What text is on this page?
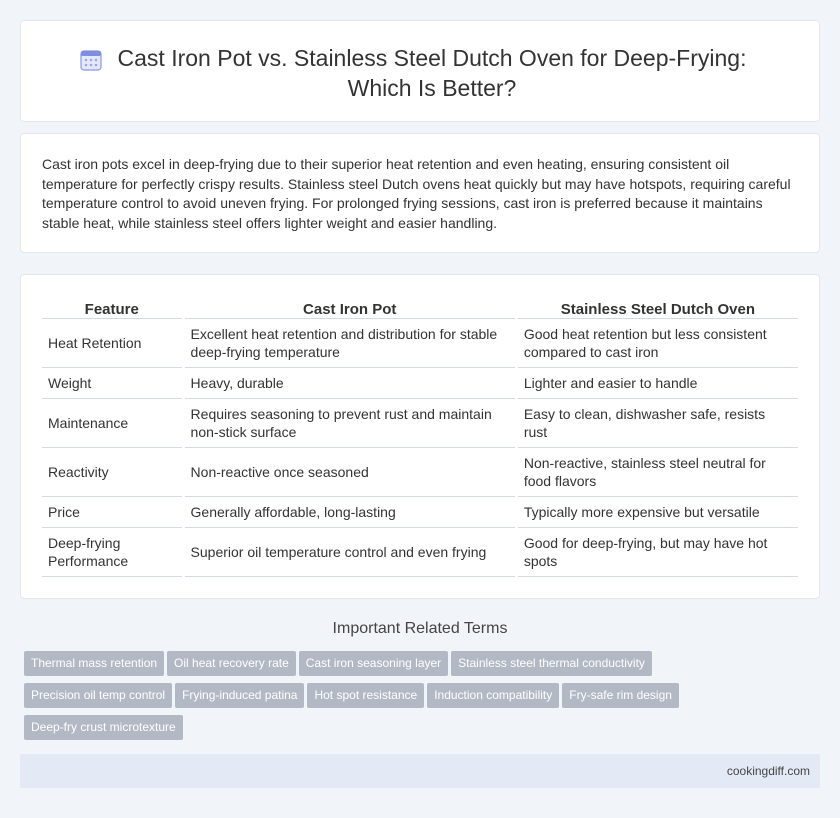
Cast Iron Pot vs. Stainless Steel Dutch Oven for Deep-Frying: Which Is Better?

Cast iron pots excel in deep-frying due to their superior heat retention and even heating, ensuring consistent oil temperature for perfectly crispy results. Stainless steel Dutch ovens heat quickly but may have hotspots, requiring careful temperature control to avoid uneven frying. For prolonged frying sessions, cast iron is preferred because it maintains stable heat, while stainless steel offers lighter weight and easier handling.

Feature		Cast Iron Pot		Stainless Steel Dutch Oven
Heat Retention		Excellent heat retention and distribution for stable deep-frying temperature		Good heat retention but less consistent compared to cast iron
Weight		Heavy, durable		Lighter and easier to handle
Maintenance		Requires seasoning to prevent rust and maintain non-stick surface		Easy to clean, dishwasher safe, resists rust
Reactivity		Non-reactive once seasoned		Non-reactive, stainless steel neutral for food flavors
Price		Generally affordable, long-lasting		Typically more expensive but versatile
Deep-frying Performance		Superior oil temperature control and even frying		Good for deep-frying, but may have hot spots
Important Related Terms
Thermal mass retention Oil heat recovery rate Cast iron seasoning layer Stainless steel thermal conductivity
Precision oil temp control Frying-induced patina Hot spot resistance Induction compatibility Fry-safe rim design
Deep-fry crust microtexture
cookingdiff.com
